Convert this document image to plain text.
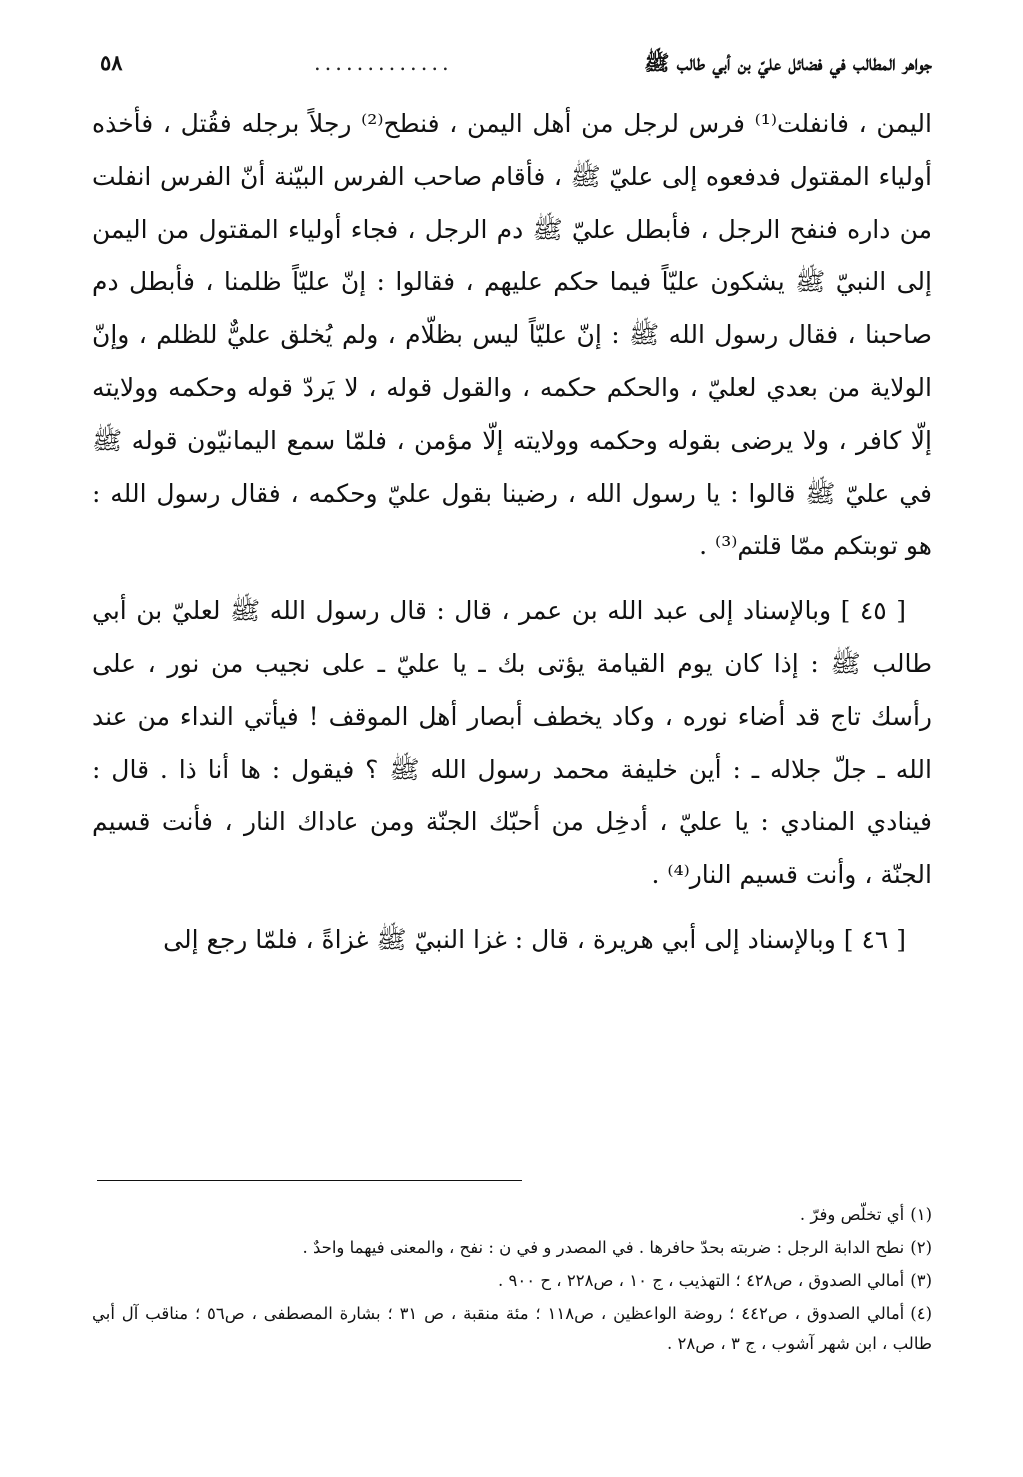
جواهر المطالب في فضائل عليّ بن أبي طالب ﷺ
.............
٥٨

اليمن ، فانفلت⁽¹⁾ فرس لرجل من أهل اليمن ، فنطح⁽²⁾ رجلاً برجله فقُتل ، فأخذه أولياء المقتول فدفعوه إلى عليّ ﷺ ، فأقام صاحب الفرس البيّنة أنّ الفرس انفلت من داره فنفح الرجل ، فأبطل عليّ ﷺ دم الرجل ، فجاء أولياء المقتول من اليمن إلى النبيّ ﷺ يشكون عليّاً فيما حكم عليهم ، فقالوا : إنّ عليّاً ظلمنا ، فأبطل دم صاحبنا ، فقال رسول الله ﷺ : إنّ عليّاً ليس بظلّام ، ولم يُخلق عليٌّ للظلم ، وإنّ الولاية من بعدي لعليّ ، والحكم حكمه ، والقول قوله ، لا يَردّ قوله وحكمه وولايته إلّا كافر ، ولا يرضى بقوله وحكمه وولايته إلّا مؤمن ، فلمّا سمع اليمانيّون قوله ﷺ في عليّ ﷺ قالوا : يا رسول الله ، رضينا بقول عليّ وحكمه ، فقال رسول الله : هو توبتكم ممّا قلتم⁽³⁾ .

[ ٤٥ ] وبالإسناد إلى عبد الله بن عمر ، قال : قال رسول الله ﷺ لعليّ بن أبي طالب ﷺ : إذا كان يوم القيامة يؤتى بك ـ يا عليّ ـ على نجيب من نور ، على رأسك تاج قد أضاء نوره ، وكاد يخطف أبصار أهل الموقف ! فيأتي النداء من عند الله ـ جلّ جلاله ـ : أين خليفة محمد رسول الله ﷺ ؟ فيقول : ها أنا ذا . قال : فينادي المنادي : يا عليّ ، أدخِل من أحبّك الجنّة ومن عاداك النار ، فأنت قسيم الجنّة ، وأنت قسيم النار⁽⁴⁾ .

[ ٤٦ ] وبالإسناد إلى أبي هريرة ، قال : غزا النبيّ ﷺ غزاةً ، فلمّا رجع إلى

(١)أي تخلّص وفرّ .

(٢)نطح الدابة الرجل : ضربته بحدّ حافرها . في المصدر و في ن : نفح ، والمعنى فيهما واحدٌ .

(٣)أمالي الصدوق ، ص٤٢٨ ؛ التهذيب ، ج ١٠ ، ص٢٢٨ ، ح ٩٠٠ .

(٤)أمالي الصدوق ، ص٤٤٢ ؛ روضة الواعظين ، ص١١٨ ؛ مئة منقبة ، ص ٣١ ؛ بشارة المصطفى ، ص٥٦ ؛ مناقب آل أبي طالب ، ابن شهر آشوب ، ج ٣ ، ص٢٨ .
